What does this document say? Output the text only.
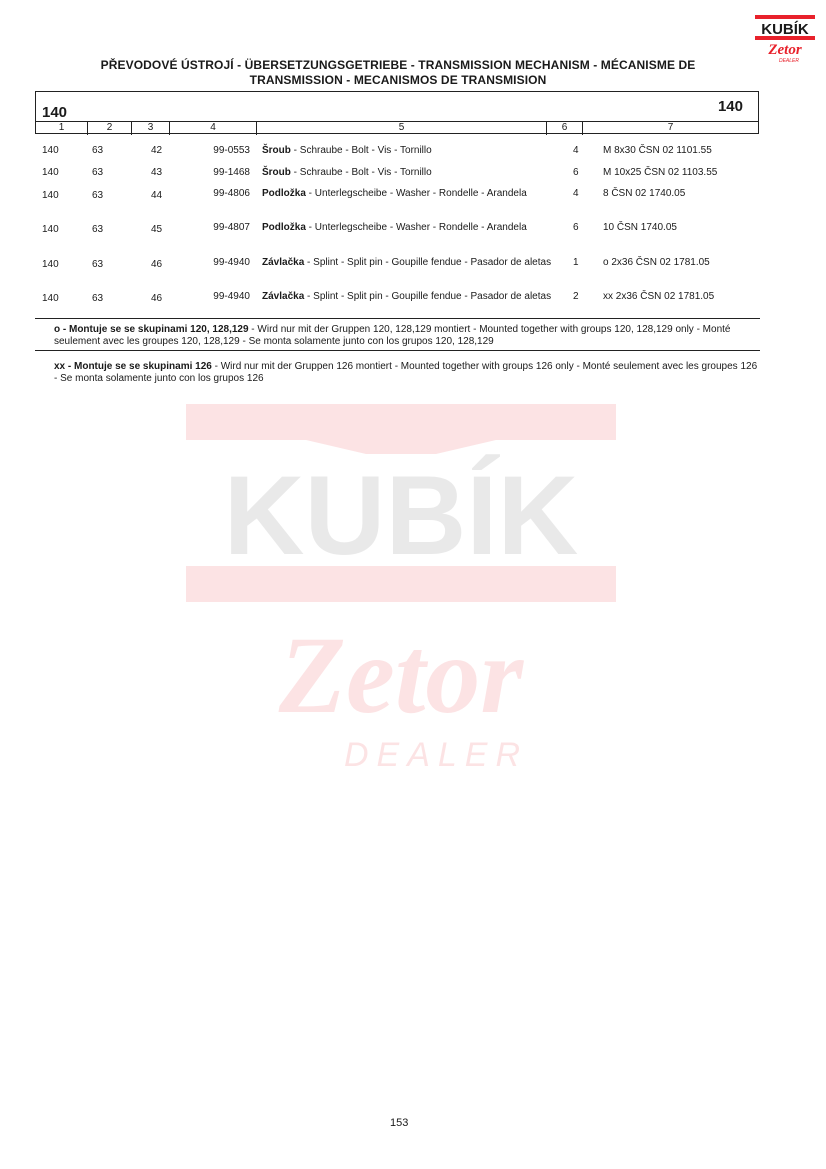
KUBÍK
Zetor
DEALER
PŘEVODOVÉ ÚSTROJÍ - ÜBERSETZUNGSGETRIEBE - TRANSMISSION MECHANISM - MÉCANISME DE
TRANSMISSION - MECANISMOS DE TRANSMISION
140	140
1	2	3	4	5	6	7
140	63	42	99-0553 Šroub - Schraube - Bolt - Vis - Tornillo	4 M 8x30 ČSN 02 1101.55
140	63	43	99-1468 Šroub - Schraube - Bolt - Vis - Tornillo	6 M 10x25 ČSN 02 1103.55
140	63	44	99-4806 Podložka - Unterlegscheibe - Washer - Rondelle - Arandela	4 8 ČSN 02 1740.05
140	63	45	99-4807 Podložka - Unterlegscheibe - Washer - Rondelle - Arandela	6 10 ČSN 1740.05
140	63	46	99-4940 Závlačka - Splint - Split pin - Goupille fendue - Pasador de aletas 1 o 2x36 ČSN 02 1781.05
140	63	46	99-4940 Závlačka - Splint - Split pin - Goupille fendue - Pasador de aletas 2 xx 2x36 ČSN 02 1781.05
o - Montuje se se skupinami 120, 128,129 - Wird nur mit der Gruppen 120, 128,129 montiert - Mounted together with groups 120, 128,129 only - Monté seulement avec les groupes 120, 128,129 - Se monta solamente junto con los grupos 120, 128,129
xx - Montuje se se skupinami 126 - Wird nur mit der Gruppen 126 montiert - Mounted together with groups 126 only - Monté seulement avec les groupes 126 - Se monta solamente junto con los grupos 126
KUBÍK
Zetor
DEALER
153
